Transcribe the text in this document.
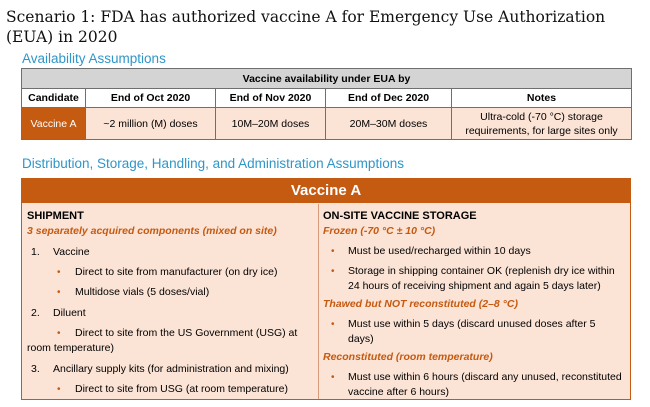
Scenario 1: FDA has authorized vaccine A for Emergency Use Authorization (EUA) in 2020
Availability Assumptions
Vaccine availability under EUA by				
Candidate	End of Oct 2020	End of Nov 2020	End of Dec 2020	Notes
Vaccine A	~2 million (M) doses	10M–20M doses	20M–30M doses	Ultra-cold (-70 °C) storage requirements, for large sites only
Distribution, Storage, Handling, and Administration Assumptions
Vaccine A
SHIPMENT
3 separately acquired components (mixed on site)
1. Vaccine
• Direct to site from manufacturer (on dry ice)
• Multidose vials (5 doses/vial)
2. Diluent
• Direct to site from the US Government (USG) at room temperature)
3. Ancillary supply kits (for administration and mixing)
• Direct to site from USG (at room temperature)
ON-SITE VACCINE STORAGE
Frozen (-70 °C ± 10 °C)
• Must be used/recharged within 10 days
• Storage in shipping container OK (replenish dry ice within 24 hours of receiving shipment and again 5 days later)
Thawed but NOT reconstituted (2–8 °C)
• Must use within 5 days (discard unused doses after 5 days)
Reconstituted (room temperature)
• Must use within 6 hours (discard any unused, reconstituted vaccine after 6 hours)
